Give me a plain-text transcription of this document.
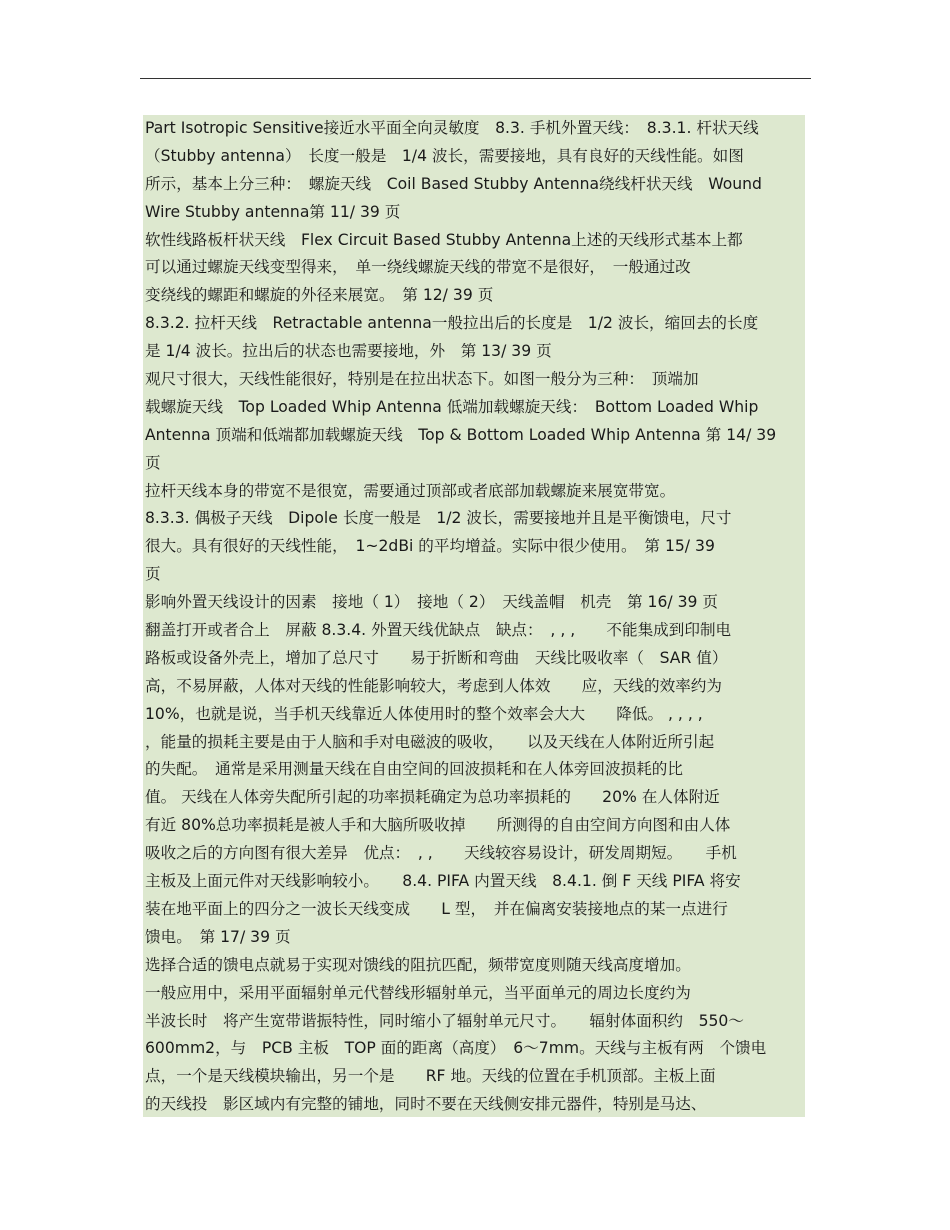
Part Isotropic Sensitive接近水平面全向灵敏度　8.3. 手机外置天线：　8.3.1. 杆状天线
（Stubby antenna）　长度一般是　1/4 波长，需要接地，具有良好的天线性能。如图
所示，基本上分三种：　螺旋天线　Coil Based Stubby Antenna绕线杆状天线　Wound
Wire Stubby antenna第 11/ 39 页
软性线路板杆状天线　Flex Circuit Based Stubby Antenna上述的天线形式基本上都
可以通过螺旋天线变型得来，　单一绕线螺旋天线的带宽不是很好，　一般通过改
变绕线的螺距和螺旋的外径来展宽。　第 12/ 39 页
8.3.2. 拉杆天线　Retractable antenna一般拉出后的长度是　1/2 波长，缩回去的长度
是 1/4 波长。拉出后的状态也需要接地，外　第 13/ 39 页
观尺寸很大，天线性能很好，特别是在拉出状态下。如图一般分为三种：　顶端加
载螺旋天线　Top Loaded Whip Antenna 低端加载螺旋天线：　Bottom Loaded Whip
Antenna 顶端和低端都加载螺旋天线　Top & Bottom Loaded Whip Antenna 第 14/ 39
页
拉杆天线本身的带宽不是很宽，需要通过顶部或者底部加载螺旋来展宽带宽。
8.3.3. 偶极子天线　Dipole 长度一般是　1/2 波长，需要接地并且是平衡馈电，尺寸
很大。具有很好的天线性能，　1~2dBi 的平均增益。实际中很少使用。　第 15/ 39
页
影响外置天线设计的因素　接地（ 1）　接地（ 2）　天线盖帽　机壳　第 16/ 39 页
翻盖打开或者合上　屏蔽 8.3.4. 外置天线优缺点　缺点：　, , ,　　不能集成到印制电
路板或设备外壳上，增加了总尺寸　　易于折断和弯曲　天线比吸收率（　SAR 值）
高，不易屏蔽，人体对天线的性能影响较大，考虑到人体效　　应，天线的效率约为
10%，也就是说，当手机天线靠近人体使用时的整个效率会大大　　降低。 , , , ,
，能量的损耗主要是由于人脑和手对电磁波的吸收，　　以及天线在人体附近所引起
的失配。　通常是采用测量天线在自由空间的回波损耗和在人体旁回波损耗的比
值。 天线在人体旁失配所引起的功率损耗确定为总功率损耗的　　20% 在人体附近
有近 80%总功率损耗是被人手和大脑所吸收掉　　所测得的自由空间方向图和由人体
吸收之后的方向图有很大差异　优点：　, ,　　天线较容易设计，研发周期短。　　手机
主板及上面元件对天线影响较小。　　8.4. PIFA 内置天线　8.4.1. 倒 F 天线 PIFA 将安
装在地平面上的四分之一波长天线变成　　L 型，　并在偏离安装接地点的某一点进行
馈电。　第 17/ 39 页
选择合适的馈电点就易于实现对馈线的阻抗匹配，频带宽度则随天线高度增加。
一般应用中，采用平面辐射单元代替线形辐射单元，当平面单元的周边长度约为
半波长时　将产生宽带谐振特性，同时缩小了辐射单元尺寸。　　辐射体面积约　550～
600mm2，与　PCB 主板　TOP 面的距离（高度）　6～7mm。天线与主板有两　个馈电
点，一个是天线模块输出，另一个是　　RF 地。天线的位置在手机顶部。主板上面
的天线投　影区域内有完整的铺地，同时不要在天线侧安排元器件，特别是马达、
